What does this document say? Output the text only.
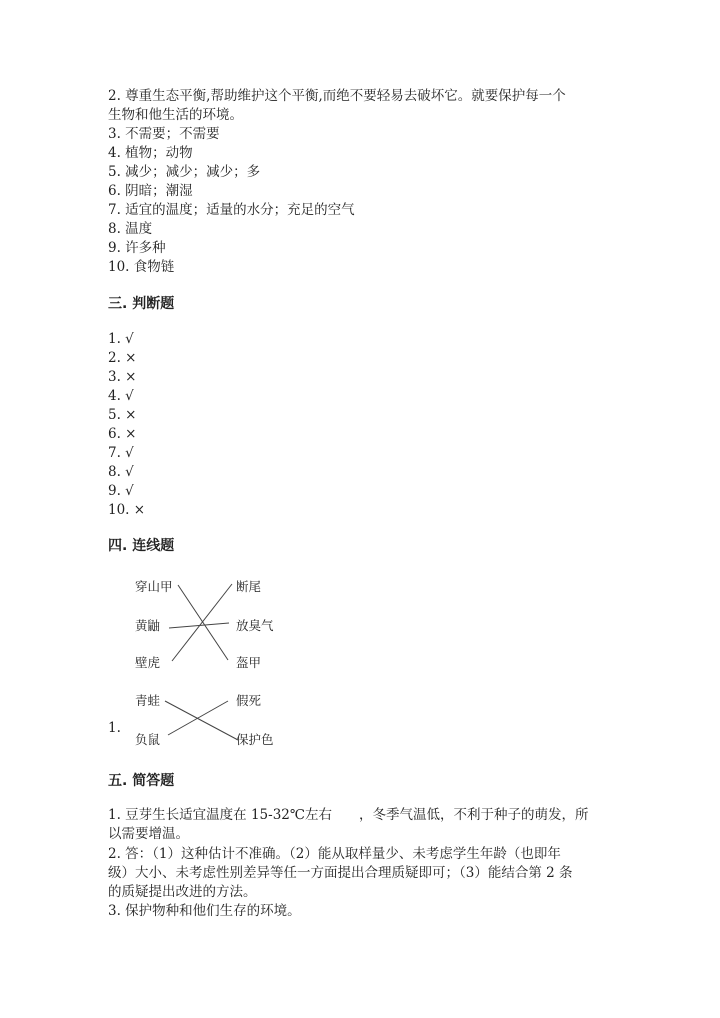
2. 尊重生态平衡,帮助维护这个平衡,而绝不要轻易去破坏它。就要保护每一个
生物和他生活的环境。
3. 不需要；不需要
4. 植物；动物
5. 减少；减少；减少；多
6. 阴暗；潮湿
7. 适宜的温度；适量的水分；充足的空气
8. 温度
9. 许多种
10. 食物链
三. 判断题
1. √
2. ×
3. ×
4. √
5. ×
6. ×
7. √
8. √
9. √
10. ×
四. 连线题
穿山甲
黄鼬
壁虎
青蛙
负鼠
断尾
放臭气
盔甲
假死
保护色
1.
五. 简答题
1. 豆芽生长适宜温度在 15-32℃左右　　，冬季气温低，不利于种子的萌发，所
以需要增温。
2. 答：（1）这种估计不准确。（2）能从取样量少、未考虑学生年龄（也即年
级）大小、未考虑性别差异等任一方面提出合理质疑即可；（3）能结合第 2 条
的质疑提出改进的方法。
3. 保护物种和他们生存的环境。
